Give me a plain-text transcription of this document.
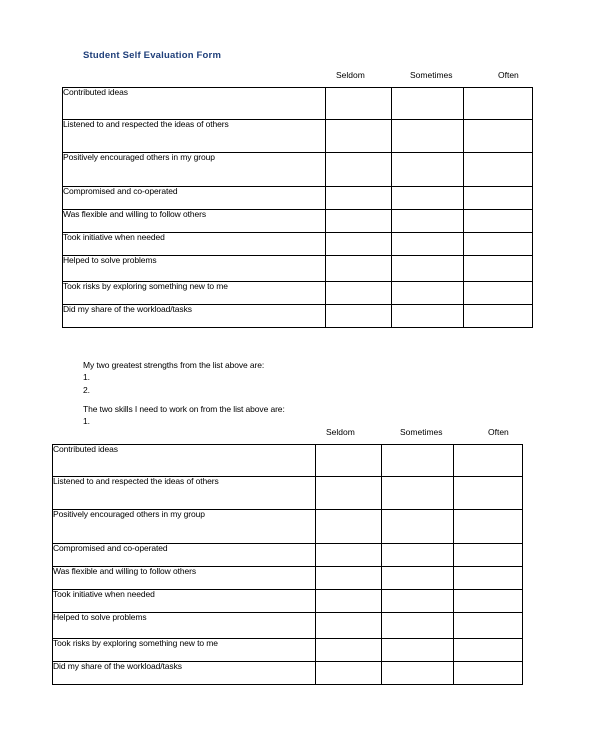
Student Self Evaluation Form
Seldom	Sometimes	Often
Contributed ideas			
Listened to and respected the ideas of others			
Positively encouraged others in my group			
Compromised and co-operated			
Was flexible and willing to follow others			
Took initiative when needed			
Helped to solve problems			
Took risks by exploring something new to me			
Did my share of the workload/tasks			
My two greatest strengths from the list above are:
1.
2.
The two skills I need to work on from the list above are:
1.
Seldom	Sometimes	Often
Contributed ideas			
Listened to and respected the ideas of others			
Positively encouraged others in my group			
Compromised and co-operated			
Was flexible and willing to follow others			
Took initiative when needed			
Helped to solve problems			
Took risks by exploring something new to me			
Did my share of the workload/tasks			
